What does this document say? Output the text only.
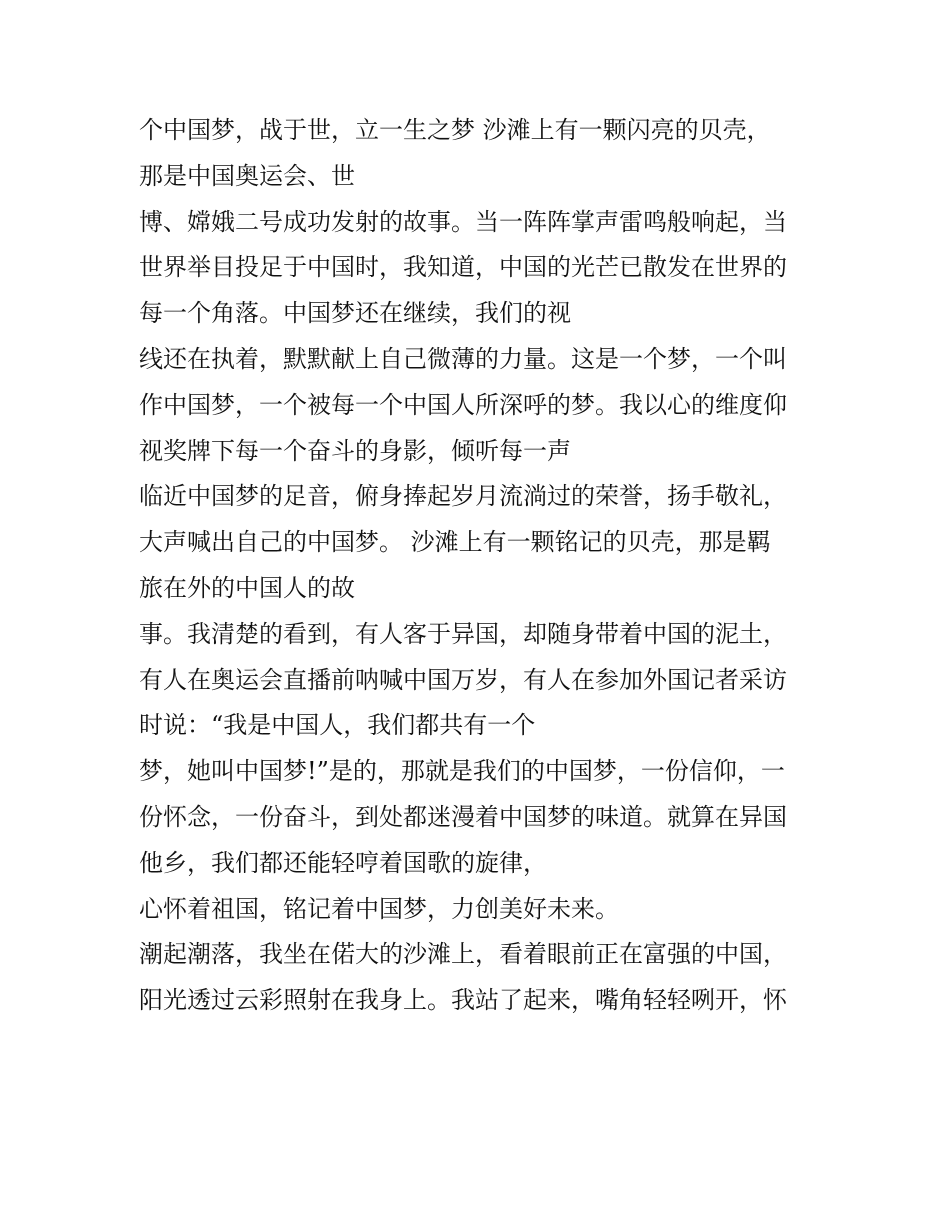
个中国梦，战于世，立一生之梦 沙滩上有一颗闪亮的贝壳，
那是中国奥运会、世
博、嫦娥二号成功发射的故事。当一阵阵掌声雷鸣般响起，当
世界举目投足于中国时，我知道，中国的光芒已散发在世界的
每一个角落。中国梦还在继续，我们的视
线还在执着，默默献上自己微薄的力量。这是一个梦，一个叫
作中国梦，一个被每一个中国人所深呼的梦。我以心的维度仰
视奖牌下每一个奋斗的身影，倾听每一声
临近中国梦的足音，俯身捧起岁月流淌过的荣誉，扬手敬礼，
大声喊出自己的中国梦。 沙滩上有一颗铭记的贝壳，那是羁
旅在外的中国人的故
事。我清楚的看到，有人客于异国，却随身带着中国的泥土，
有人在奥运会直播前呐喊中国万岁，有人在参加外国记者采访
时说：“我是中国人，我们都共有一个
梦，她叫中国梦!”是的，那就是我们的中国梦，一份信仰，一
份怀念，一份奋斗，到处都迷漫着中国梦的味道。就算在异国
他乡，我们都还能轻哼着国歌的旋律，
心怀着祖国，铭记着中国梦，力创美好未来。
潮起潮落，我坐在偌大的沙滩上，看着眼前正在富强的中国，
阳光透过云彩照射在我身上。我站了起来，嘴角轻轻咧开，怀
